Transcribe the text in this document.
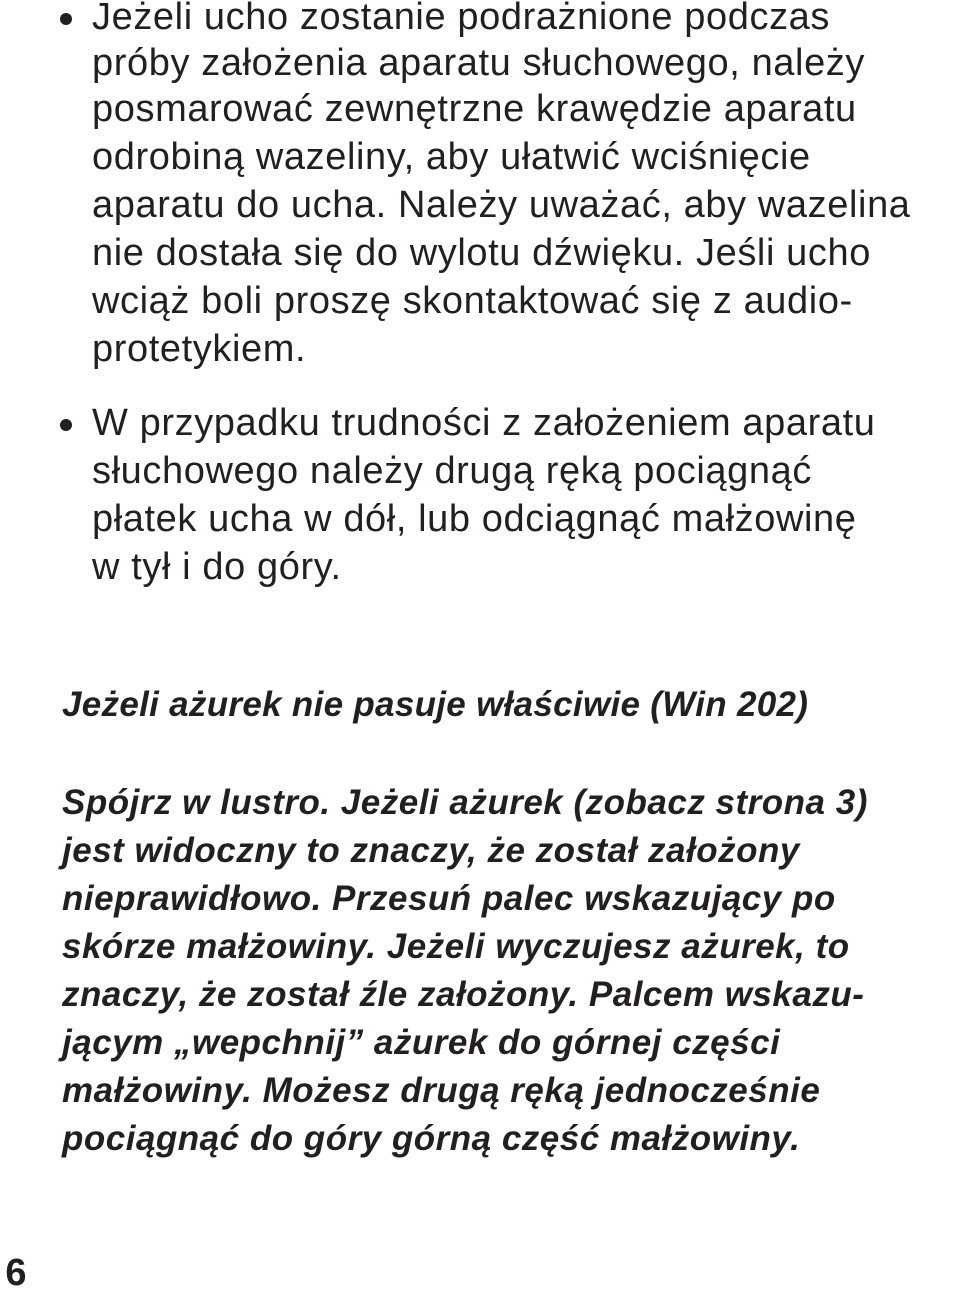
Jeżeli ucho zostanie podrażnione podczas
próby założenia aparatu słuchowego, należy
posmarować zewnętrzne krawędzie aparatu
odrobiną wazeliny, aby ułatwić wciśnięcie
aparatu do ucha. Należy uważać, aby wazelina
nie dostała się do wylotu dźwięku. Jeśli ucho
wciąż boli proszę skontaktować się z audio-
protetykiem.
W przypadku trudności z założeniem aparatu
słuchowego należy drugą ręką pociągnąć
płatek ucha w dół, lub odciągnąć małżowinę
w tył i do góry.
Jeżeli ażurek nie pasuje właściwie (Win 202)
Spójrz w lustro. Jeżeli ażurek (zobacz strona 3)
jest widoczny to znaczy, że został założony
nieprawidłowo. Przesuń palec wskazujący po
skórze małżowiny. Jeżeli wyczujesz ażurek, to
znaczy, że został źle założony. Palcem wskazu-
jącym „wepchnij” ażurek do górnej części
małżowiny. Możesz drugą ręką jednocześnie
pociągnąć do góry górną część małżowiny.
6
